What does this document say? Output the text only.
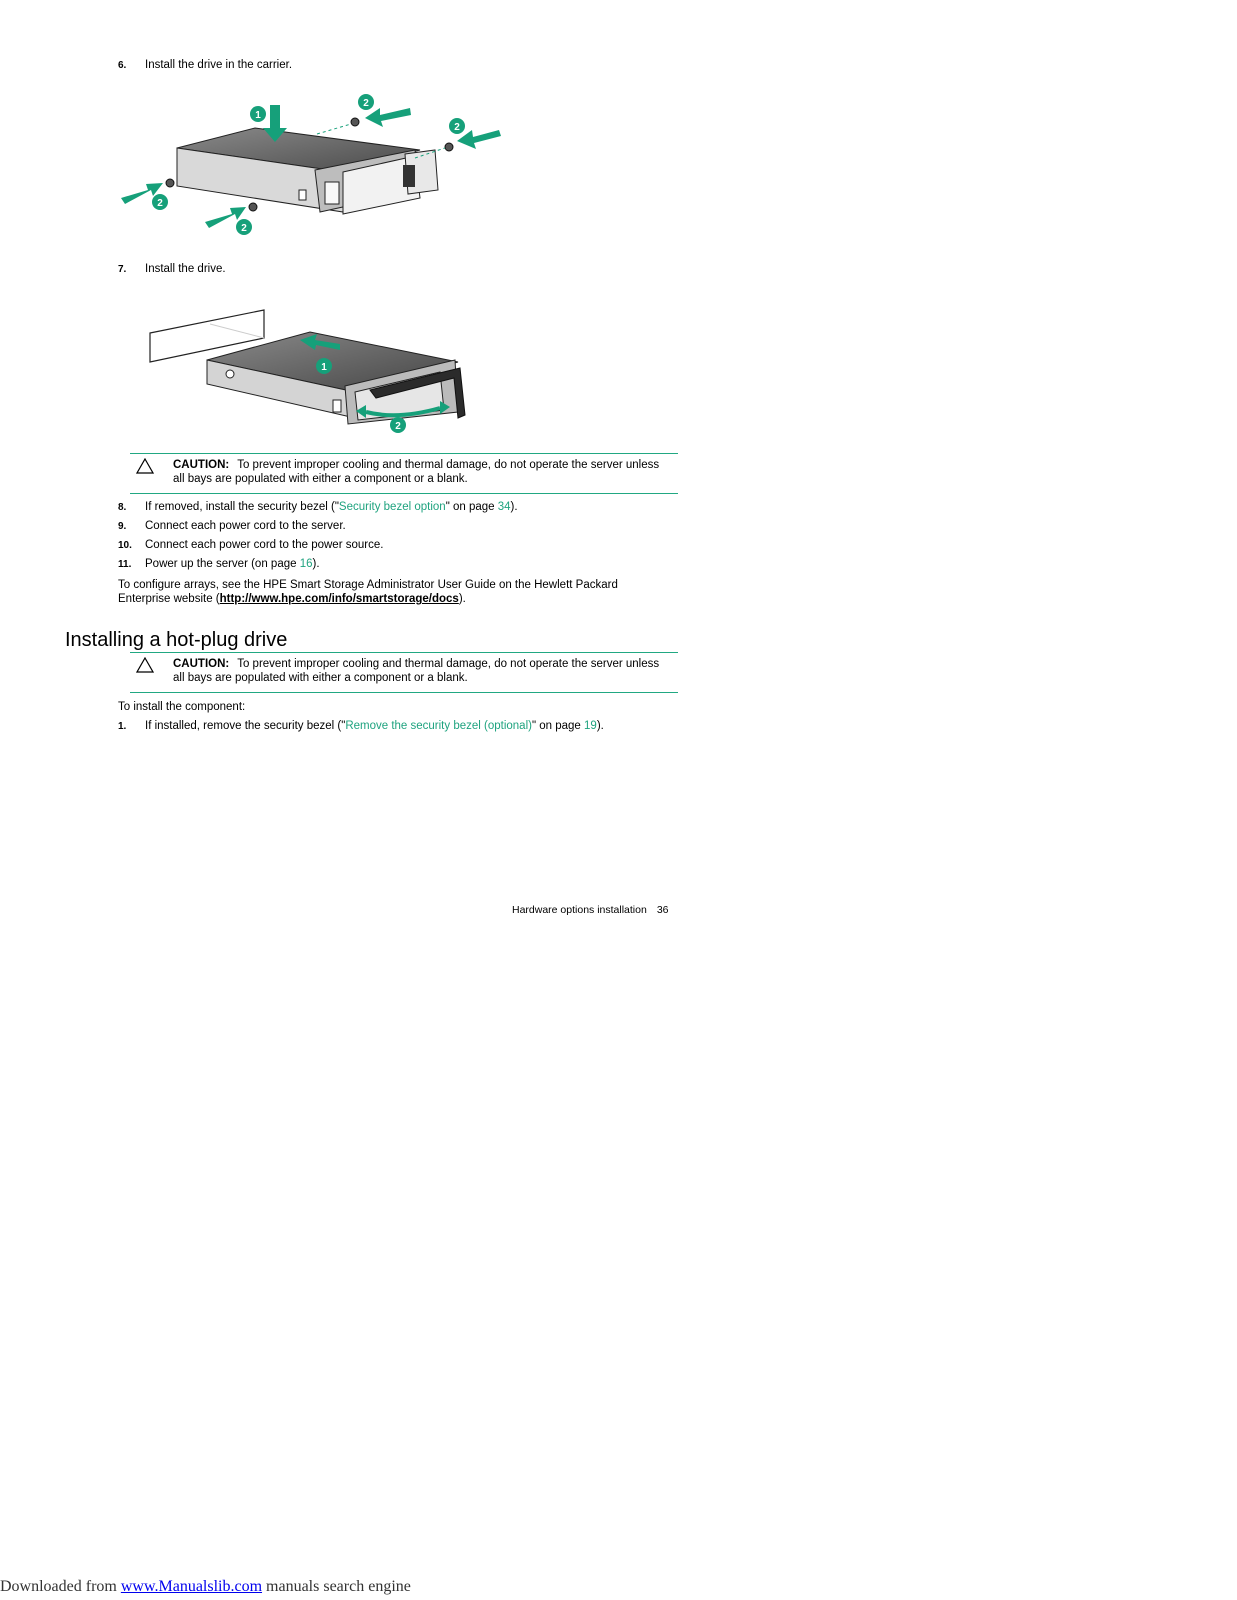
6. Install the drive in the carrier.
1
2
2
2
2
7. Install the drive.
1
2
CAUTION: To prevent improper cooling and thermal damage, do not operate the server unless all bays are populated with either a component or a blank.
8. If removed, install the security bezel ("Security bezel option" on page 34).
9. Connect each power cord to the server.
10. Connect each power cord to the power source.
11. Power up the server (on page 16).
To configure arrays, see the HPE Smart Storage Administrator User Guide on the Hewlett Packard Enterprise website (http://www.hpe.com/info/smartstorage/docs).
Installing a hot-plug drive
CAUTION: To prevent improper cooling and thermal damage, do not operate the server unless all bays are populated with either a component or a blank.
To install the component:
1. If installed, remove the security bezel ("Remove the security bezel (optional)" on page 19).
Hardware options installation 36
Downloaded from www.Manualslib.com manuals search engine
